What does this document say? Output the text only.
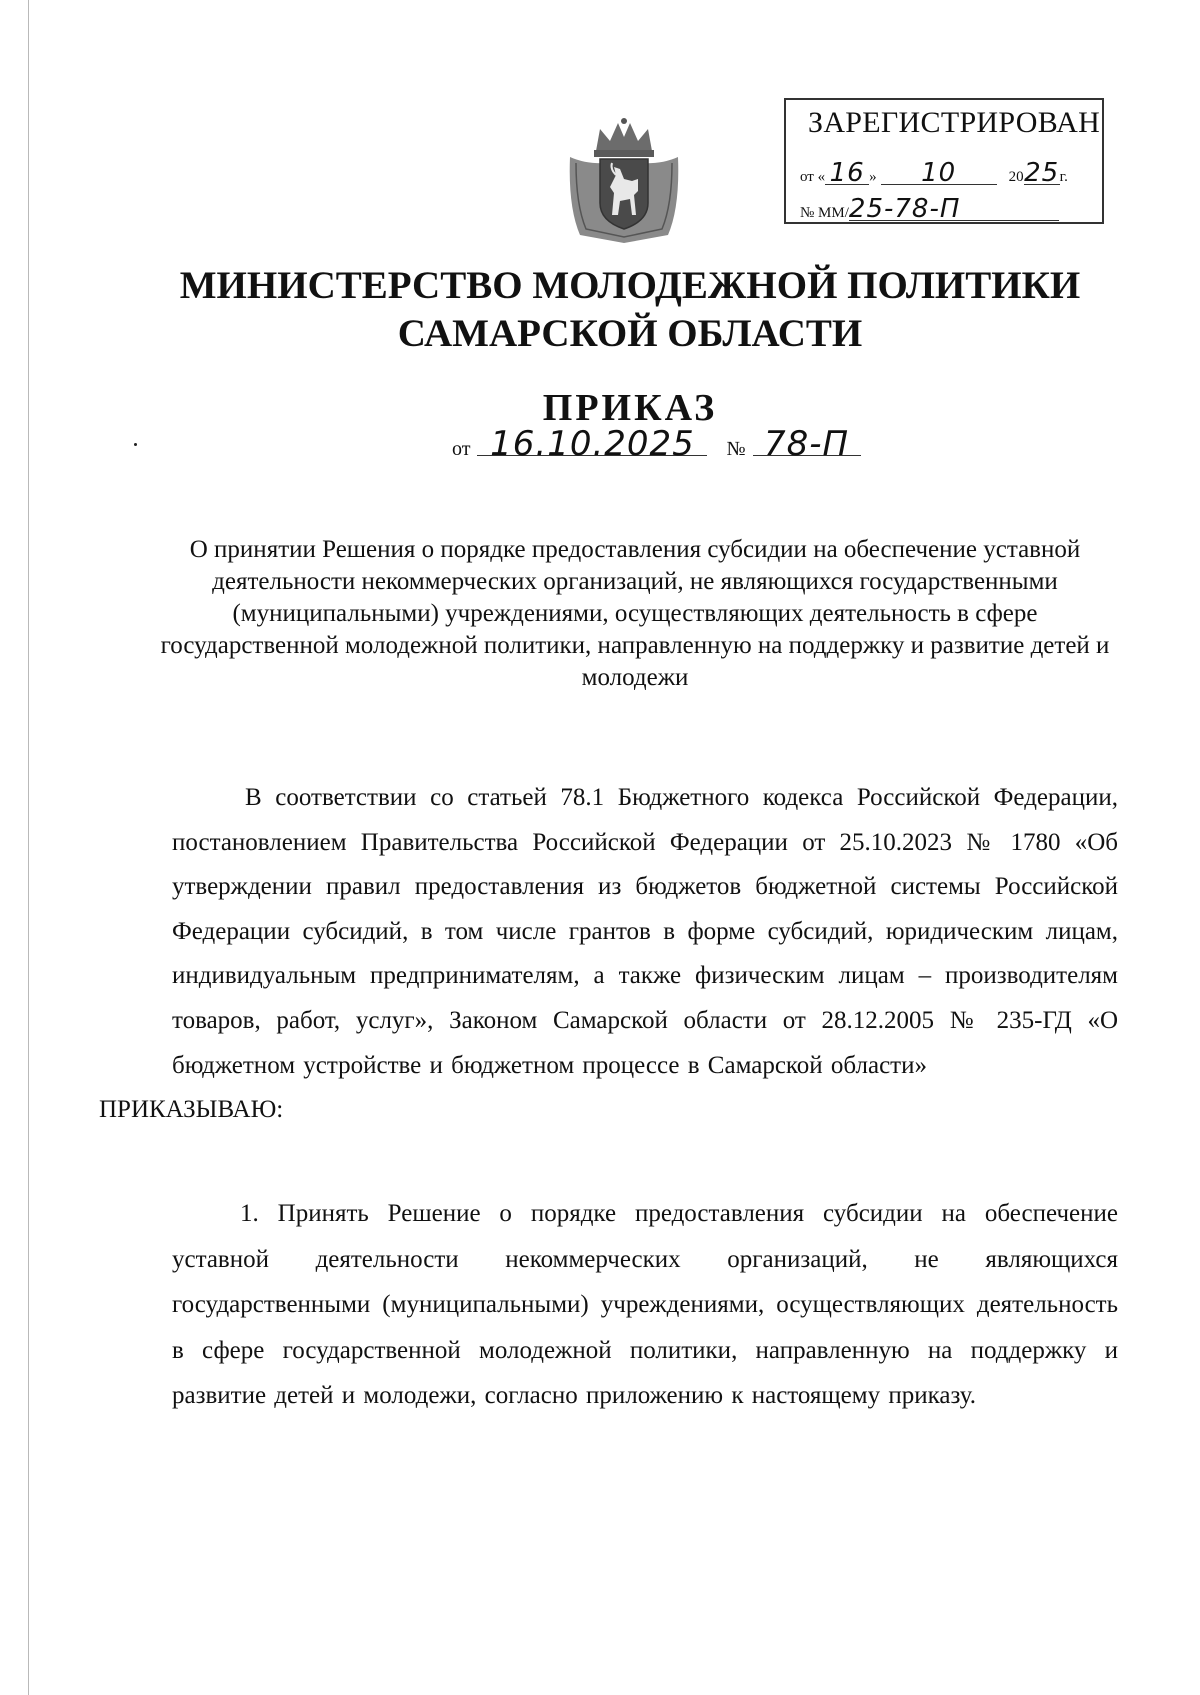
ЗАРЕГИСТРИРОВАН
от « 16 » 10	2025г.
№ ММ/25-78-П
МИНИСТЕРСТВО МОЛОДЕЖНОЙ ПОЛИТИКИ
САМАРСКОЙ ОБЛАСТИ
ПРИКАЗ
от 16.10.2025 № 78-П
О принятии Решения о порядке предоставления субсидии на обеспечение уставной деятельности некоммерческих организаций, не являющихся государственными (муниципальными) учреждениями, осуществляющих деятельность в сфере государственной молодежной политики, направленную на поддержку и развитие детей и молодежи
В соответствии со статьей 78.1 Бюджетного кодекса Российской Федерации, постановлением Правительства Российской Федерации от 25.10.2023 № 1780 «Об утверждении правил предоставления из бюджетов бюджетной системы Российской Федерации субсидий, в том числе грантов в форме субсидий, юридическим лицам, индивидуальным предпринимателям, а также физическим лицам – производителям товаров, работ, услуг», Законом Самарской области от 28.12.2005 № 235-ГД «О бюджетном устройстве и бюджетном процессе в Самарской области»
ПРИКАЗЫВАЮ:
1. Принять Решение о порядке предоставления субсидии на обеспечение уставной деятельности некоммерческих организаций, не являющихся государственными (муниципальными) учреждениями, осуществляющих деятельность в сфере государственной молодежной политики, направленную на поддержку и развитие детей и молодежи, согласно приложению к настоящему приказу.
